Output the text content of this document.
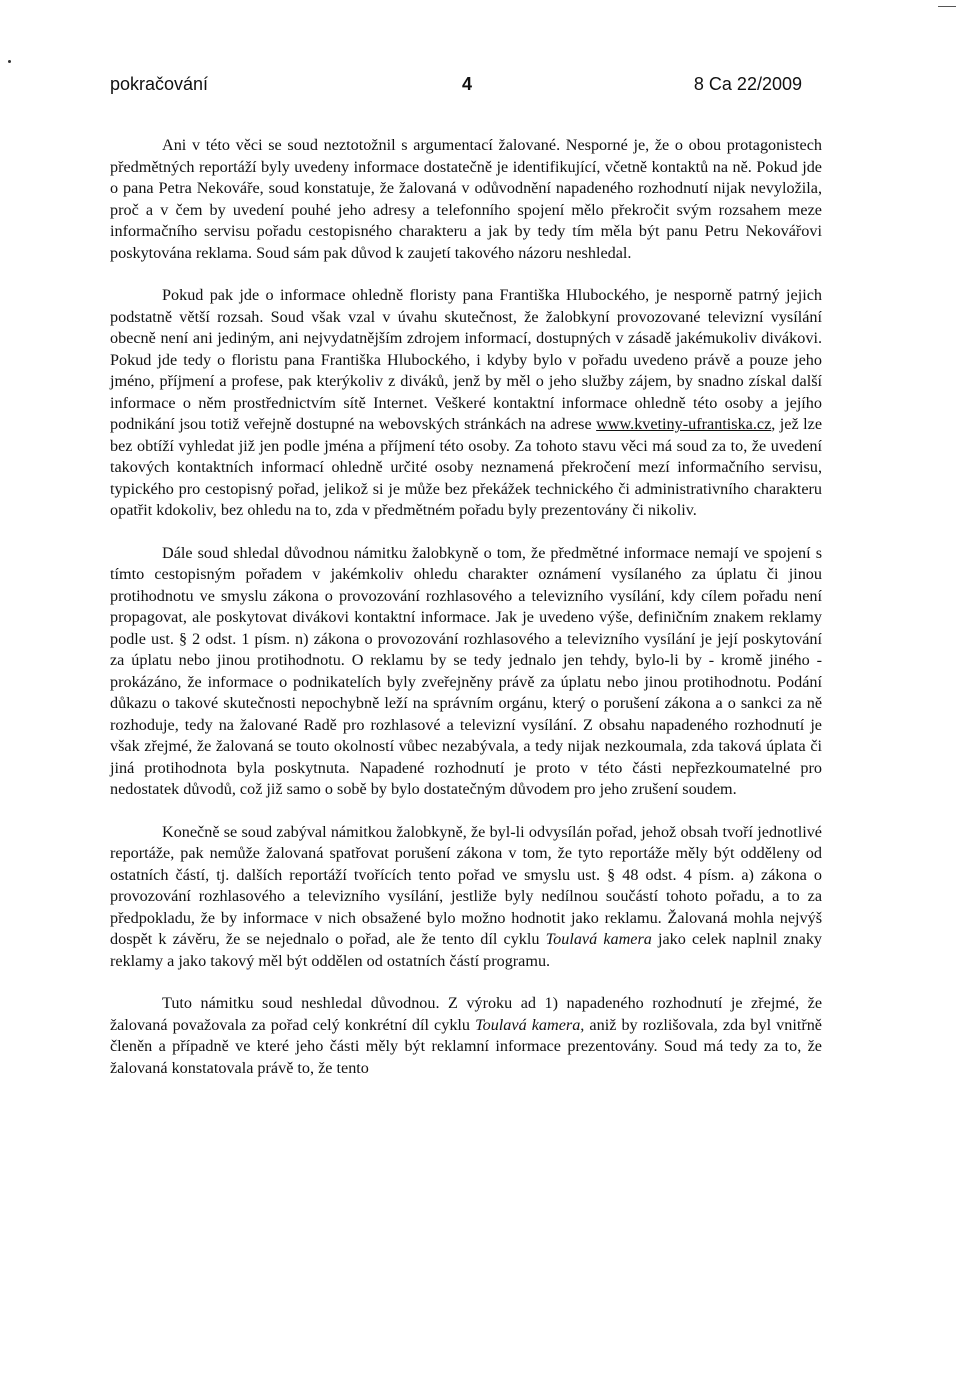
pokračování	4	8 Ca 22/2009

Ani v této věci se soud neztotožnil s argumentací žalované. Nesporné je, že o obou protagonistech předmětných reportáží byly uvedeny informace dostatečně je identifikující, včetně kontaktů na ně. Pokud jde o pana Petra Nekováře, soud konstatuje, že žalovaná v odůvodnění napadeného rozhodnutí nijak nevyložila, proč a v čem by uvedení pouhé jeho adresy a telefonního spojení mělo překročit svým rozsahem meze informačního servisu pořadu cestopisného charakteru a jak by tedy tím měla být panu Petru Nekovářovi poskytována reklama. Soud sám pak důvod k zaujetí takového názoru neshledal.

Pokud pak jde o informace ohledně floristy pana Františka Hlubockého, je nesporně patrný jejich podstatně větší rozsah. Soud však vzal v úvahu skutečnost, že žalobkyní provozované televizní vysílání obecně není ani jediným, ani nejvydatnějším zdrojem informací, dostupných v zásadě jakémukoliv divákovi. Pokud jde tedy o floristu pana Františka Hlubockého, i kdyby bylo v pořadu uvedeno právě a pouze jeho jméno, příjmení a profese, pak kterýkoliv z diváků, jenž by měl o jeho služby zájem, by snadno získal další informace o něm prostřednictvím sítě Internet. Veškeré kontaktní informace ohledně této osoby a jejího podnikání jsou totiž veřejně dostupné na webovských stránkách na adrese www.kvetiny-ufrantiska.cz, jež lze bez obtíží vyhledat již jen podle jména a příjmení této osoby. Za tohoto stavu věci má soud za to, že uvedení takových kontaktních informací ohledně určité osoby neznamená překročení mezí informačního servisu, typického pro cestopisný pořad, jelikož si je může bez překážek technického či administrativního charakteru opatřit kdokoliv, bez ohledu na to, zda v předmětném pořadu byly prezentovány či nikoliv.

Dále soud shledal důvodnou námitku žalobkyně o tom, že předmětné informace nemají ve spojení s tímto cestopisným pořadem v jakémkoliv ohledu charakter oznámení vysílaného za úplatu či jinou protihodnotu ve smyslu zákona o provozování rozhlasového a televizního vysílání, kdy cílem pořadu není propagovat, ale poskytovat divákovi kontaktní informace. Jak je uvedeno výše, definičním znakem reklamy podle ust. § 2 odst. 1 písm. n) zákona o provozování rozhlasového a televizního vysílání je její poskytování za úplatu nebo jinou protihodnotu. O reklamu by se tedy jednalo jen tehdy, bylo-li by - kromě jiného - prokázáno, že informace o podnikatelích byly zveřejněny právě za úplatu nebo jinou protihodnotu. Podání důkazu o takové skutečnosti nepochybně leží na správním orgánu, který o porušení zákona a o sankci za ně rozhoduje, tedy na žalované Radě pro rozhlasové a televizní vysílání. Z obsahu napadeného rozhodnutí je však zřejmé, že žalovaná se touto okolností vůbec nezabývala, a tedy nijak nezkoumala, zda taková úplata či jiná protihodnota byla poskytnuta. Napadené rozhodnutí je proto v této části nepřezkoumatelné pro nedostatek důvodů, což již samo o sobě by bylo dostatečným důvodem pro jeho zrušení soudem.

Konečně se soud zabýval námitkou žalobkyně, že byl-li odvysílán pořad, jehož obsah tvoří jednotlivé reportáže, pak nemůže žalovaná spatřovat porušení zákona v tom, že tyto reportáže měly být odděleny od ostatních částí, tj. dalších reportáží tvořících tento pořad ve smyslu ust. § 48 odst. 4 písm. a) zákona o provozování rozhlasového a televizního vysílání, jestliže byly nedílnou součástí tohoto pořadu, a to za předpokladu, že by informace v nich obsažené bylo možno hodnotit jako reklamu. Žalovaná mohla nejvýš dospět k závěru, že se nejednalo o pořad, ale že tento díl cyklu Toulavá kamera jako celek naplnil znaky reklamy a jako takový měl být oddělen od ostatních částí programu.

Tuto námitku soud neshledal důvodnou. Z výroku ad 1) napadeného rozhodnutí je zřejmé, že žalovaná považovala za pořad celý konkrétní díl cyklu Toulavá kamera, aniž by rozlišovala, zda byl vnitřně členěn a případně ve které jeho části měly být reklamní informace prezentovány. Soud má tedy za to, že žalovaná konstatovala právě to, že tento
